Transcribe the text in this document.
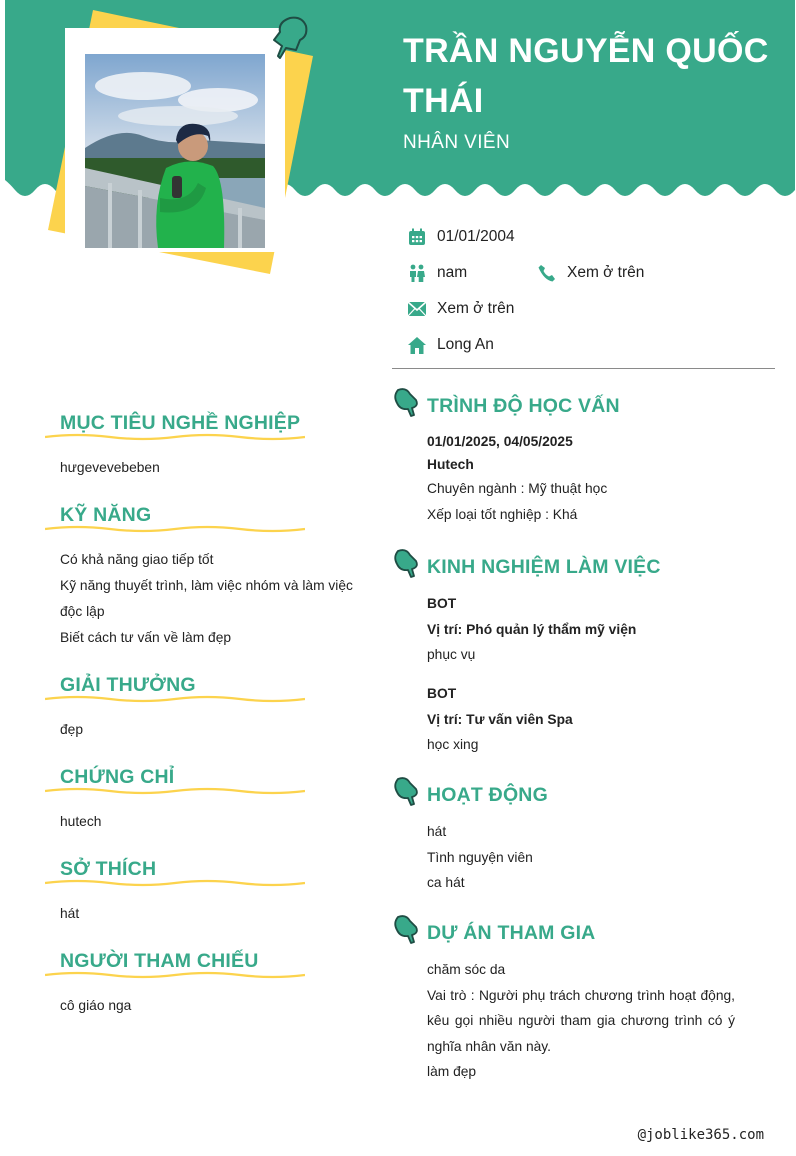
TRẦN NGUYỄN QUỐC THÁI
NHÂN VIÊN
01/01/2004
nam	Xem ở trên
Xem ở trên
Long An
MỤC TIÊU NGHỀ NGHIỆP
hưgevevebeben
KỸ NĂNG
Có khả năng giao tiếp tốt
Kỹ năng thuyết trình, làm việc nhóm và làm việc độc lập
Biết cách tư vấn về làm đẹp
GIẢI THƯỞNG
đẹp
CHỨNG CHỈ
hutech
SỞ THÍCH
hát
NGƯỜI THAM CHIẾU
cô giáo nga
TRÌNH ĐỘ HỌC VẤN
01/01/2025, 04/05/2025
Hutech
Chuyên ngành : Mỹ thuật học
Xếp loại tốt nghiệp : Khá
KINH NGHIỆM LÀM VIỆC
BOT
Vị trí: Phó quản lý thẩm mỹ viện
phục vụ
BOT
Vị trí: Tư vấn viên Spa
học xing
HOẠT ĐỘNG
hát
Tình nguyện viên
ca hát
DỰ ÁN THAM GIA
chăm sóc da
Vai trò : Người phụ trách chương trình hoạt động, kêu gọi nhiều người tham gia chương trình có ý nghĩa nhân văn này.
làm đẹp
@joblike365.com
